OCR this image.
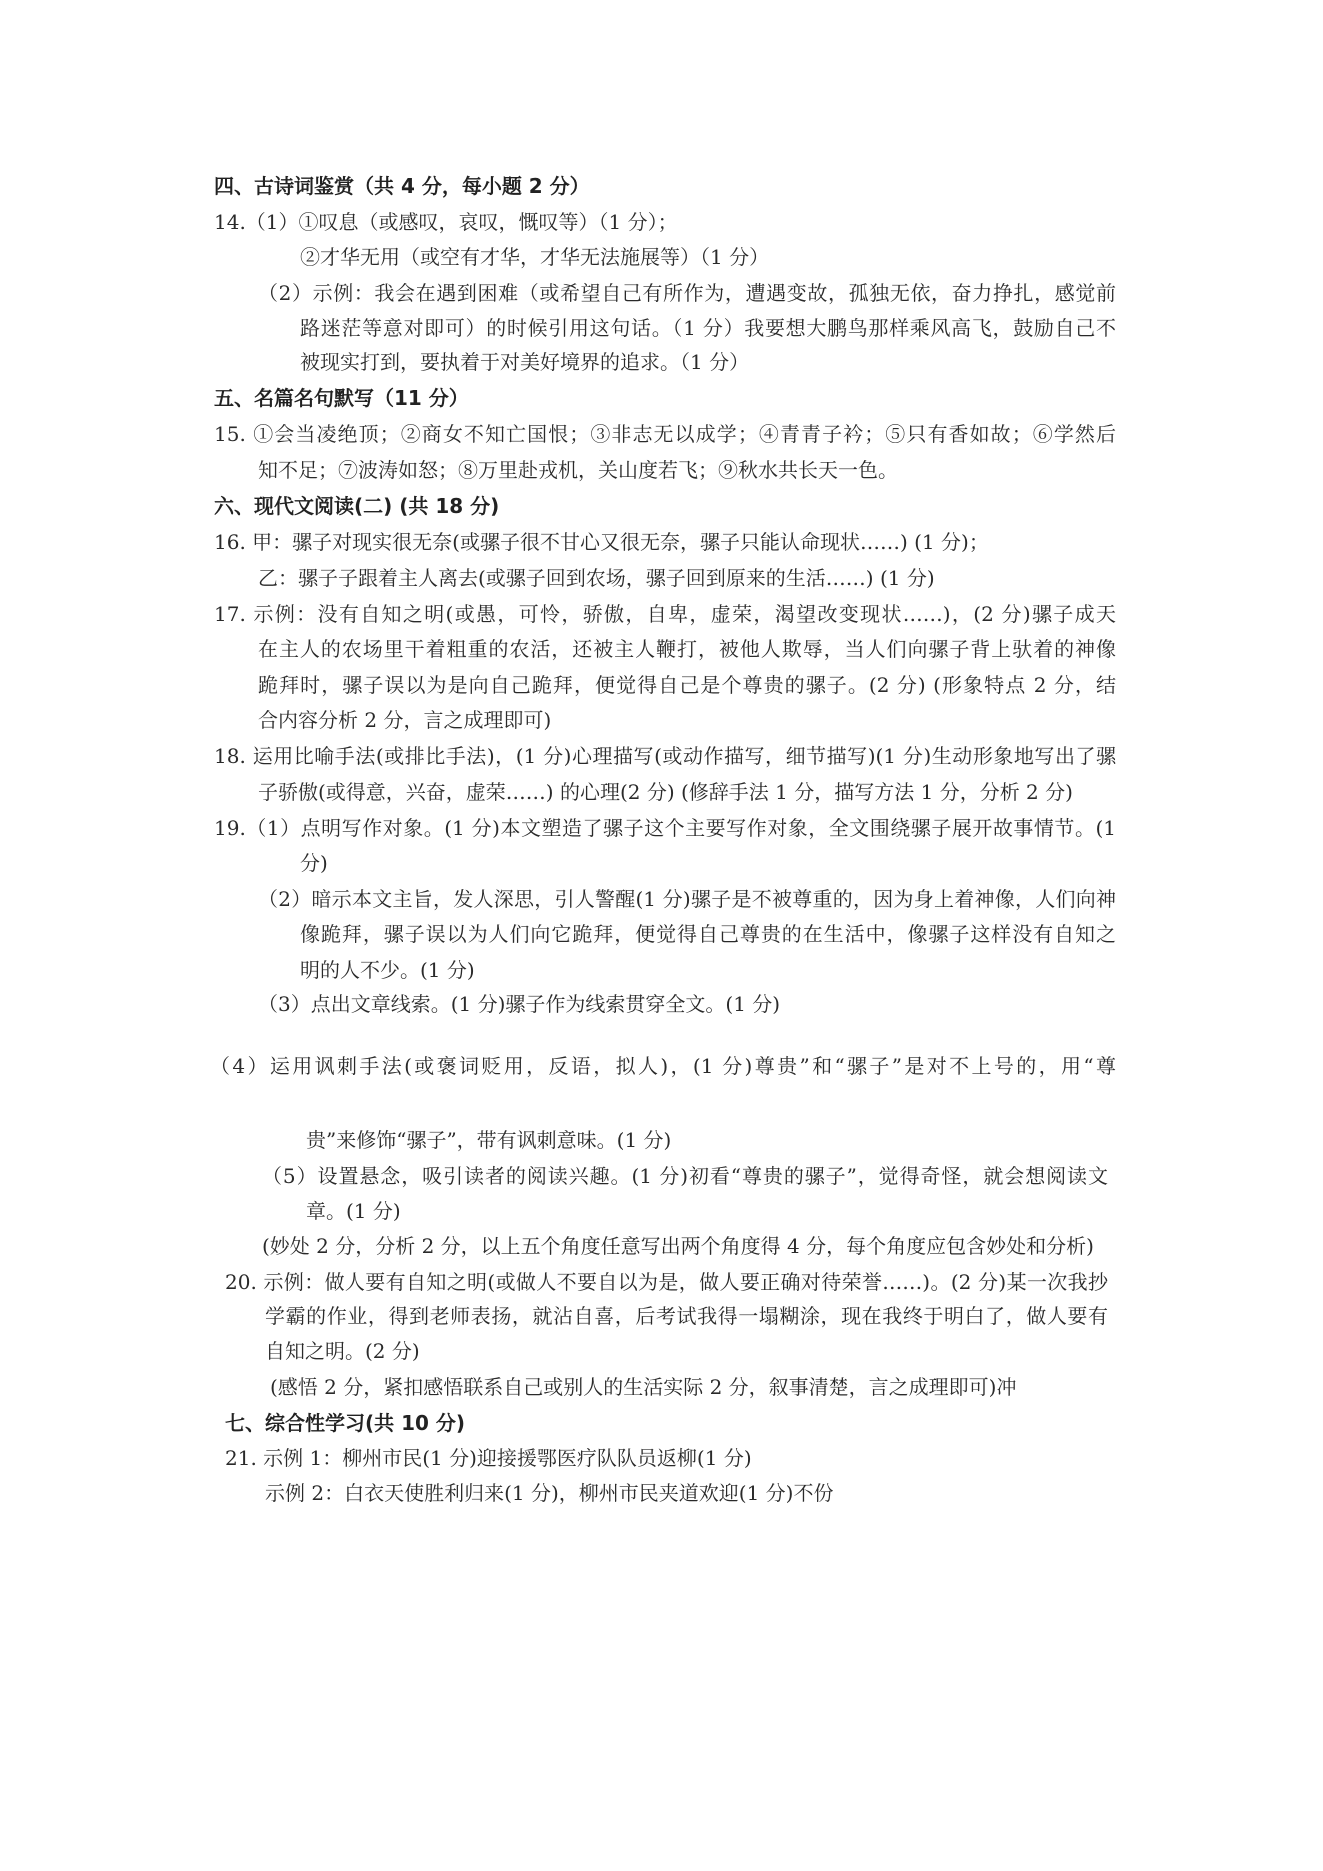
四、古诗词鉴赏（共 4 分，每小题 2 分）
14.（1）①叹息（或感叹，哀叹，慨叹等）（1 分）；
②才华无用（或空有才华，才华无法施展等）（1 分）
（2）示例：我会在遇到困难（或希望自己有所作为，遭遇变故，孤独无依，奋力挣扎，感觉前
路迷茫等意对即可）的时候引用这句话。（1 分）我要想大鹏鸟那样乘风高飞，鼓励自己不
被现实打到，要执着于对美好境界的追求。（1 分）
五、名篇名句默写（11 分）
15. ①会当凌绝顶；②商女不知亡国恨；③非志无以成学；④青青子衿；⑤只有香如故；⑥学然后
知不足；⑦波涛如怒；⑧万里赴戎机，关山度若飞；⑨秋水共长天一色。
六、现代文阅读(二) (共 18 分)
16. 甲：骡子对现实很无奈(或骡子很不甘心又很无奈，骡子只能认命现状……) (1 分)；
乙：骡子子跟着主人离去(或骡子回到农场，骡子回到原来的生活……) (1 分)
17. 示例：没有自知之明(或愚，可怜，骄傲，自卑，虚荣，渴望改变现状……)，(2 分)骡子成天
在主人的农场里干着粗重的农活，还被主人鞭打，被他人欺辱，当人们向骡子背上驮着的神像
跪拜时，骡子误以为是向自己跪拜，便觉得自己是个尊贵的骡子。(2 分) (形象特点 2 分，结
合内容分析 2 分，言之成理即可)
18. 运用比喻手法(或排比手法)，(1 分)心理描写(或动作描写，细节描写)(1 分)生动形象地写出了骡
子骄傲(或得意，兴奋，虚荣……) 的心理(2 分) (修辞手法 1 分，描写方法 1 分，分析 2 分)
19.（1）点明写作对象。(1 分)本文塑造了骡子这个主要写作对象，全文围绕骡子展开故事情节。(1
分)
（2）暗示本文主旨，发人深思，引人警醒(1 分)骡子是不被尊重的，因为身上着神像，人们向神
像跪拜，骡子误以为人们向它跪拜，便觉得自己尊贵的在生活中，像骡子这样没有自知之
明的人不少。(1 分)
（3）点出文章线索。(1 分)骡子作为线索贯穿全文。(1 分)
（4）运用讽刺手法(或褒词贬用，反语，拟人)，(1 分)尊贵”和“骡子”是对不上号的，用“尊
贵”来修饰“骡子”，带有讽刺意味。(1 分)
（5）设置悬念，吸引读者的阅读兴趣。(1 分)初看“尊贵的骡子”，觉得奇怪，就会想阅读文
章。(1 分)
(妙处 2 分，分析 2 分，以上五个角度任意写出两个角度得 4 分，每个角度应包含妙处和分析)
20. 示例：做人要有自知之明(或做人不要自以为是，做人要正确对待荣誉……)。(2 分)某一次我抄
学霸的作业，得到老师表扬，就沾自喜，后考试我得一塌糊涂，现在我终于明白了，做人要有
自知之明。(2 分)
(感悟 2 分，紧扣感悟联系自己或别人的生活实际 2 分，叙事清楚，言之成理即可)冲
七、综合性学习(共 10 分)
21. 示例 1：柳州市民(1 分)迎接援鄂医疗队队员返柳(1 分)
示例 2：白衣天使胜利归来(1 分)，柳州市民夹道欢迎(1 分)不份
